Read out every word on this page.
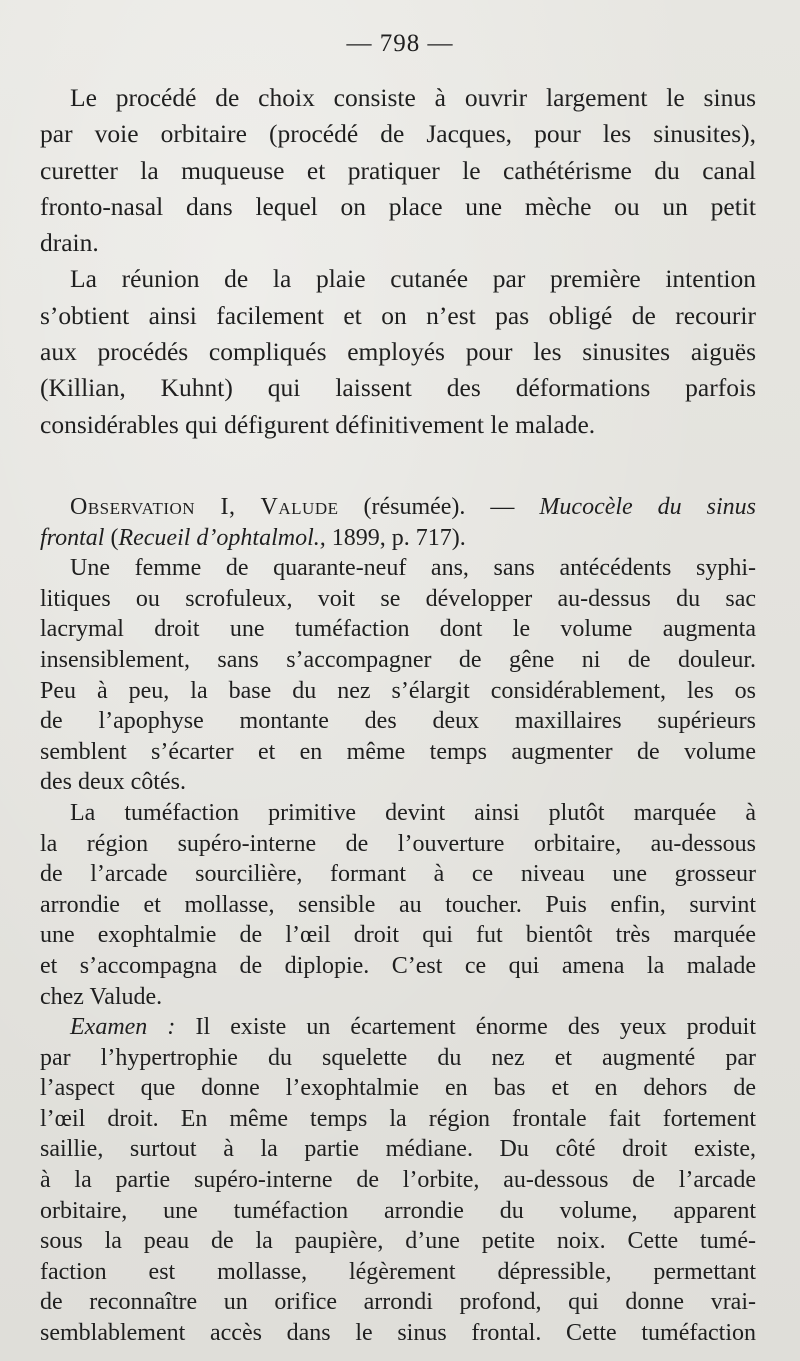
— 798 —
Le procédé de choix consiste à ouvrir largement le sinus
par voie orbitaire (procédé de Jacques, pour les sinusites),
curetter la muqueuse et pratiquer le cathétérisme du canal
fronto-nasal dans lequel on place une mèche ou un petit
drain.
La réunion de la plaie cutanée par première intention
s’obtient ainsi facilement et on n’est pas obligé de recourir
aux procédés compliqués employés pour les sinusites aiguës
(Killian, Kuhnt) qui laissent des déformations parfois
considérables qui défigurent définitivement le malade.
Observation I, Valude (résumée). — Mucocèle du sinus
frontal (Recueil d’ophtalmol., 1899, p. 717).
Une femme de quarante-neuf ans, sans antécédents syphi-
litiques ou scrofuleux, voit se développer au-dessus du sac
lacrymal droit une tuméfaction dont le volume augmenta
insensiblement, sans s’accompagner de gêne ni de douleur.
Peu à peu, la base du nez s’élargit considérablement, les os
de l’apophyse montante des deux maxillaires supérieurs
semblent s’écarter et en même temps augmenter de volume
des deux côtés.
La tuméfaction primitive devint ainsi plutôt marquée à
la région supéro-interne de l’ouverture orbitaire, au-dessous
de l’arcade sourcilière, formant à ce niveau une grosseur
arrondie et mollasse, sensible au toucher. Puis enfin, survint
une exophtalmie de l’œil droit qui fut bientôt très marquée
et s’accompagna de diplopie. C’est ce qui amena la malade
chez Valude.
Examen : Il existe un écartement énorme des yeux produit
par l’hypertrophie du squelette du nez et augmenté par
l’aspect que donne l’exophtalmie en bas et en dehors de
l’œil droit. En même temps la région frontale fait fortement
saillie, surtout à la partie médiane. Du côté droit existe,
à la partie supéro-interne de l’orbite, au-dessous de l’arcade
orbitaire, une tuméfaction arrondie du volume, apparent
sous la peau de la paupière, d’une petite noix. Cette tumé-
faction est mollasse, légèrement dépressible, permettant
de reconnaître un orifice arrondi profond, qui donne vrai-
semblablement accès dans le sinus frontal. Cette tuméfaction
